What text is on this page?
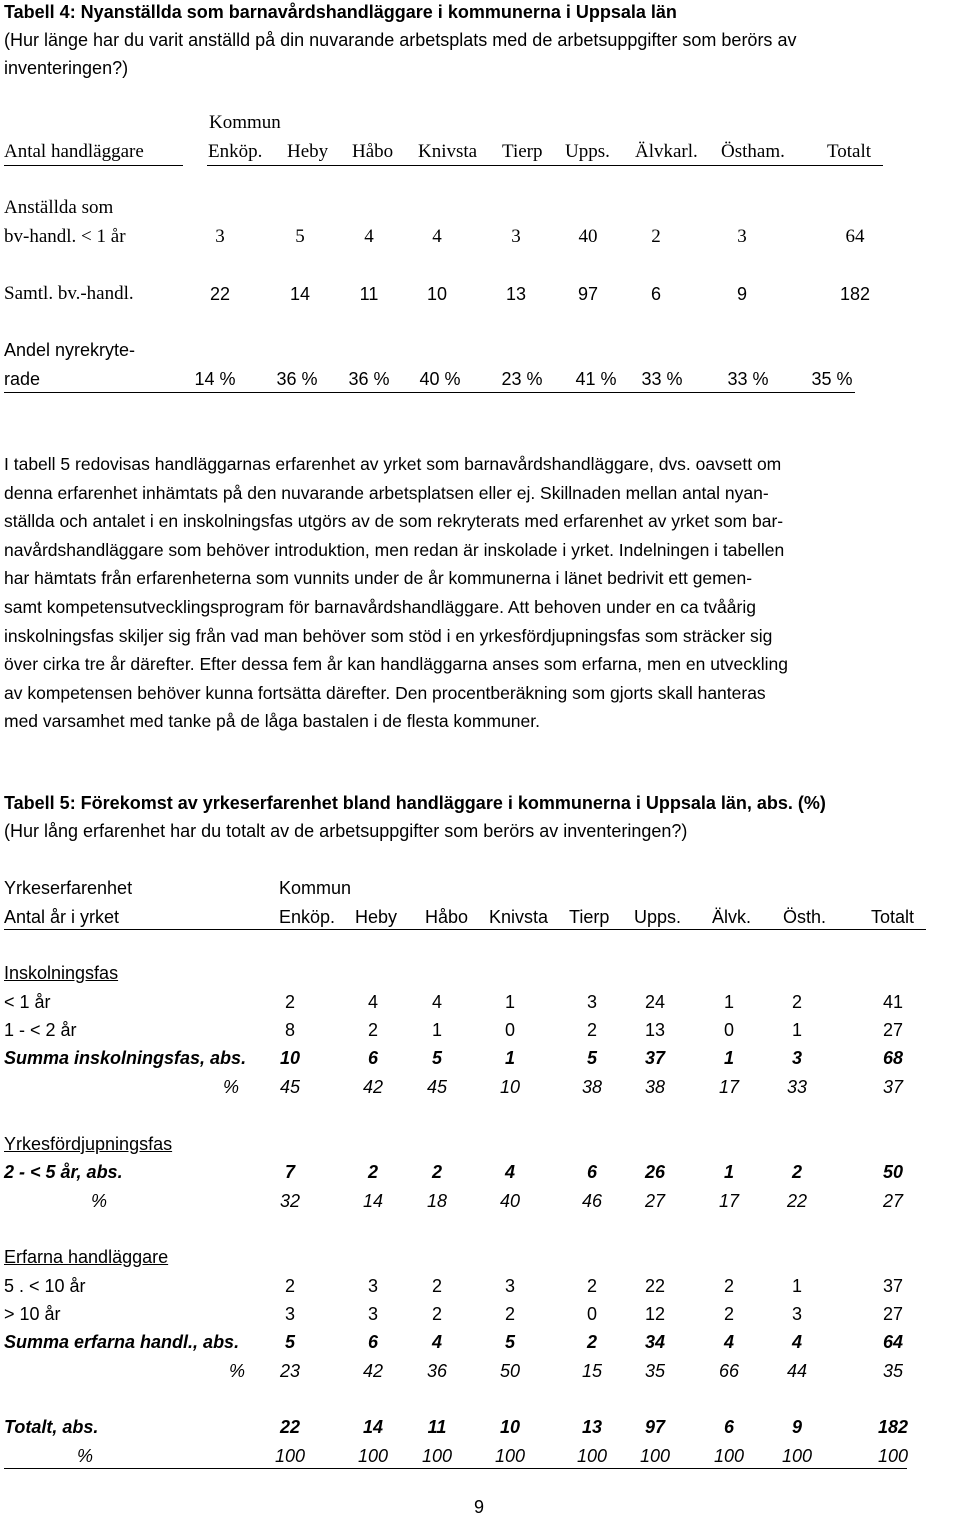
Tabell 4: Nyanställda som barnavårdshandläggare i kommunerna i Uppsala län
(Hur länge har du varit anställd på din nuvarande arbetsplats med de arbetsuppgifter som berörs av
inventeringen?)
Kommun
Antal handläggare	Enköp. Heby Håbo Knivsta Tierp Upps. Älvkarl. Östham. Totalt
Anställda som
bv-handl. < 1 år	3	5	4	4	3	40	2	3	64
Samtl. bv.-handl.	22	14	11	10	13	97	6	9	182
Andel nyrekryte-
rade	14 %	36 %	36 %	40 %	23 %	41 %	33 %	33 %	35 %
I tabell 5 redovisas handläggarnas erfarenhet av yrket som barnavårdshandläggare, dvs. oavsett om
denna erfarenhet inhämtats på den nuvarande arbetsplatsen eller ej. Skillnaden mellan antal nyan-
ställda och antalet i en inskolningsfas utgörs av de som rekryterats med erfarenhet av yrket som bar-
navårdshandläggare som behöver introduktion, men redan är inskolade i yrket. Indelningen i tabellen
har hämtats från erfarenheterna som vunnits under de år kommunerna i länet bedrivit ett gemen-
samt kompetensutvecklingsprogram för barnavårdshandläggare. Att behoven under en ca tvåårig
inskolningsfas skiljer sig från vad man behöver som stöd i en yrkesfördjupningsfas som sträcker sig
över cirka tre år därefter. Efter dessa fem år kan handläggarna anses som erfarna, men en utveckling
av kompetensen behöver kunna fortsätta därefter. Den procentberäkning som gjorts skall hanteras
med varsamhet med tanke på de låga bastalen i de flesta kommuner.
Tabell 5: Förekomst av yrkeserfarenhet bland handläggare i kommunerna i Uppsala län, abs. (%)
(Hur lång erfarenhet har du totalt av de arbetsuppgifter som berörs av inventeringen?)
Yrkeserfarenhet	Kommun
Antal år i yrket	Enköp. Heby Håbo Knivsta Tierp Upps. Älvk. Östh. Totalt
Inskolningsfas
< 1 år	2	4	4	1	3	24	1	2	41
1 - < 2 år	8	2	1	0	2	13	0	1	27
Summa inskolningsfas, abs.	10	6	5	1	5	37	1	3	68
%	45	42	45	10	38	38	17	33	37
Yrkesfördjupningsfas
2 - < 5 år, abs.	7	2	2	4	6	26	1	2	50
%	32	14	18	40	46	27	17	22	27
Erfarna handläggare
5 . < 10 år	2	3	2	3	2	22	2	1	37
> 10 år	3	3	2	2	0	12	2	3	27
Summa erfarna handl., abs.	5	6	4	5	2	34	4	4	64
%	23	42	36	50	15	35	66	44	35
Totalt, abs.	22	14	11	10	13	97	6	9	182
%	100	100	100	100	100	100	100	100	100
9
